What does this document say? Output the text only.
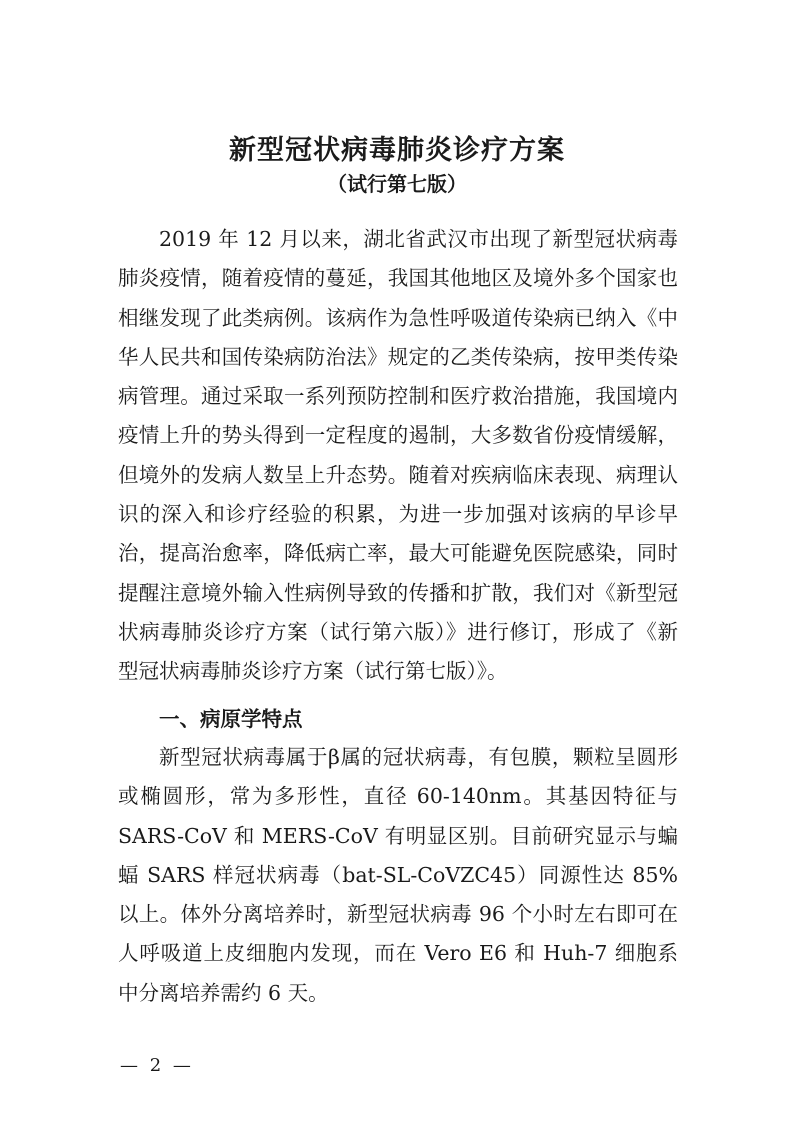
新型冠状病毒肺炎诊疗方案
（试行第七版）

2019 年 12 月以来，湖北省武汉市出现了新型冠状病毒肺炎疫情，随着疫情的蔓延，我国其他地区及境外多个国家也相继发现了此类病例。该病作为急性呼吸道传染病已纳入《中华人民共和国传染病防治法》规定的乙类传染病，按甲类传染病管理。通过采取一系列预防控制和医疗救治措施，我国境内疫情上升的势头得到一定程度的遏制，大多数省份疫情缓解，但境外的发病人数呈上升态势。随着对疾病临床表现、病理认识的深入和诊疗经验的积累，为进一步加强对该病的早诊早治，提高治愈率，降低病亡率，最大可能避免医院感染，同时提醒注意境外输入性病例导致的传播和扩散，我们对《新型冠状病毒肺炎诊疗方案（试行第六版）》进行修订，形成了《新型冠状病毒肺炎诊疗方案（试行第七版）》。

一、病原学特点

新型冠状病毒属于β属的冠状病毒，有包膜，颗粒呈圆形或椭圆形，常为多形性，直径 60-140nm。其基因特征与 SARS-CoV 和 MERS-CoV 有明显区别。目前研究显示与蝙蝠 SARS 样冠状病毒（bat-SL-CoVZC45）同源性达 85%以上。体外分离培养时，新型冠状病毒 96 个小时左右即可在人呼吸道上皮细胞内发现，而在 Vero E6 和 Huh-7 细胞系中分离培养需约 6 天。

— 2 —
